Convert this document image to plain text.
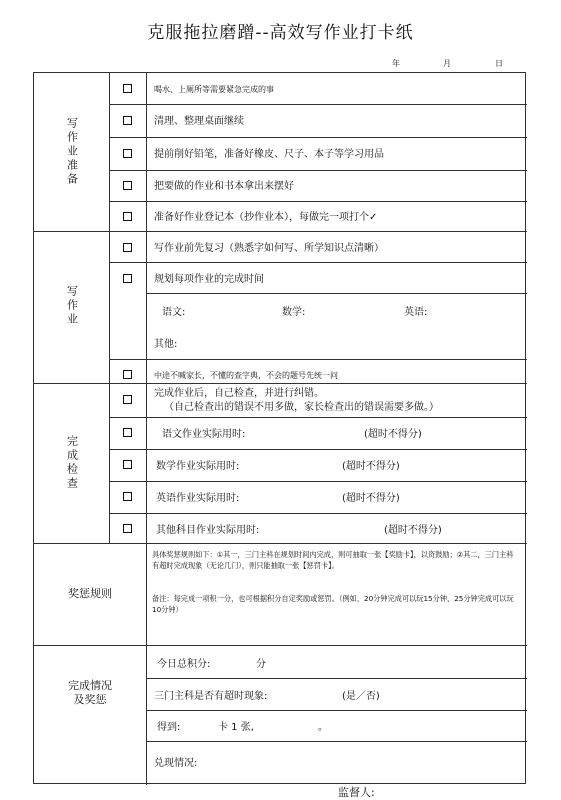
克服拖拉磨蹭--高效写作业打卡纸
年	月	日
写作业准备
喝水、上厕所等需要紧急完成的事
清理、整理桌面继续
提前削好铅笔，准备好橡皮、尺子、本子等学习用品
把要做的作业和书本拿出来摆好
准备好作业登记本（抄作业本），每做完一项打个✓
写作业
写作业前先复习（熟悉字如何写、所学知识点清晰）
规划每项作业的完成时间
语文:	数学:	英语:
其他:
中途不喊家长，不懂的查字典，不会的题号先统一问
完成检查
完成作业后，自己检查，并进行纠错。
（自己检查出的错误不用多做，家长检查出的错误需要多做。）
语文作业实际用时:	(超时不得分)
数学作业实际用时:	(超时不得分)
英语作业实际用时:	(超时不得分)
其他科目作业实际用时:	(超时不得分)
奖惩规则
具体奖惩规则如下：①其一，三门主科在规划时间内完成，则可抽取一张【奖励卡】，以资鼓励；②其二，三门主科有超时完成现象（无论几门），则只能抽取一张【惩罚卡】。
备注：每完成一项积一分，也可根据积分自定奖励或惩罚。（例如，20分钟完成可以玩15分钟，25分钟完成可以玩10分钟）
完成情况
及奖惩
今日总积分:	分
三门主科是否有超时现象:	(是／否)
得到:	卡 1 张,	。
兑现情况:
监督人:
